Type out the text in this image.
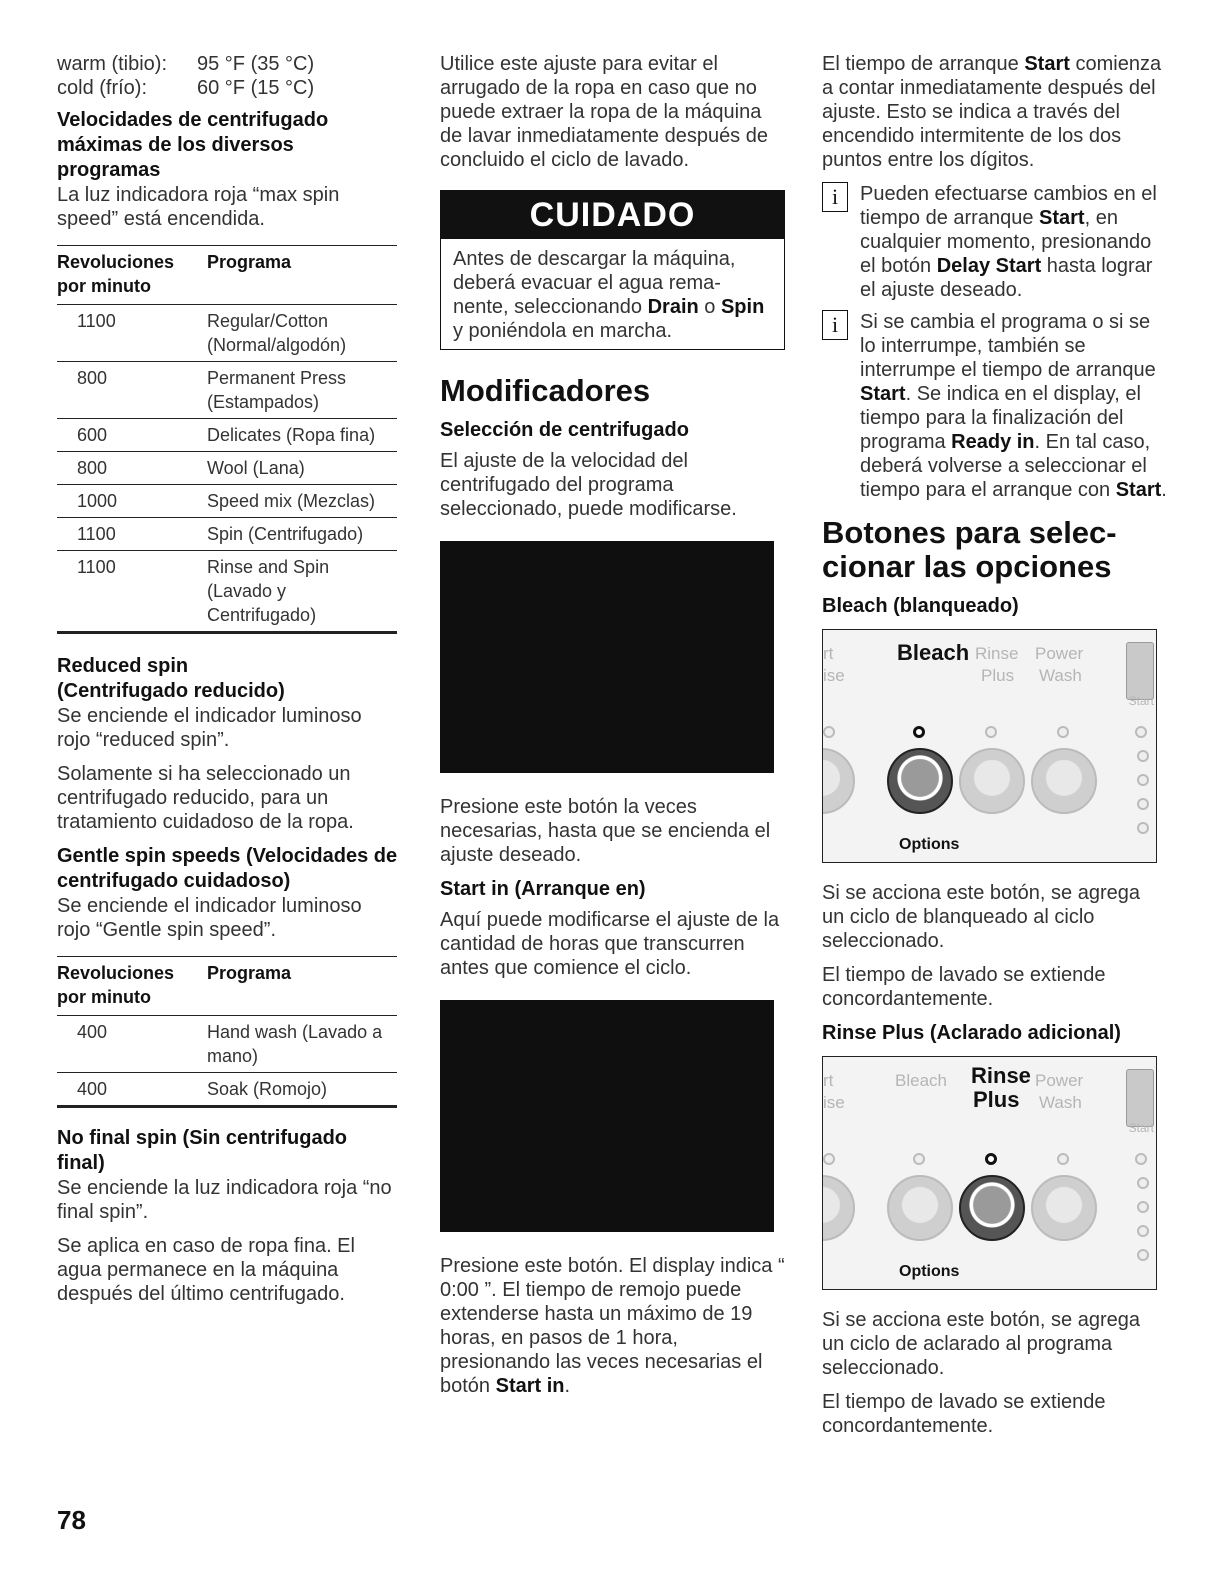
warm (tibio):	95 °F (35 °C)
cold (frío):	60 °F (15 °C)
Velocidades de centrifugado máximas de los diversos programas

La luz indicadora roja “max spin speed” está encendida.

Revoluciones por minuto	Programa
1100	Regular/Cotton (Normal/algodón)
800	Permanent Press (Estampados)
600	Delicates (Ropa fina)
800	Wool (Lana)
1000	Speed mix (Mezclas)
1100	Spin (Centrifugado)
1100	Rinse and Spin (Lavado y Centrifugado)
Reduced spin (Centrifugado reducido)

Se enciende el indicador luminoso rojo “reduced spin”.

Solamente si ha seleccionado un centrifugado reducido, para un tratamiento cuidadoso de la ropa.

Gentle spin speeds (Velocidades de centrifugado cuidadoso)

Se enciende el indicador luminoso rojo “Gentle spin speed”.

Revoluciones por minuto	Programa
400	Hand wash (Lavado a mano)
400	Soak (Romojo)
No final spin (Sin centrifugado final)

Se enciende la luz indicadora roja “no final spin”.

Se aplica en caso de ropa fina. El agua permanece en la máquina después del último centrifugado.

Utilice este ajuste para evitar el arrugado de la ropa en caso que no puede extraer la ropa de la máquina de lavar inmediatamente después de concluido el ciclo de lavado.

CUIDADO

Antes de descargar la máquina, deberá evacuar el agua rema- nente, seleccionando Drain o Spin y poniéndola en marcha.

Modificadores
Selección de centrifugado

El ajuste de la velocidad del centrifugado del programa seleccionado, puede modificarse.

Presione este botón la veces necesarias, hasta que se encienda el ajuste deseado.

Start in (Arranque en)

Aquí puede modificarse el ajuste de la cantidad de horas que transcurren antes que comience el ciclo.

Presione este botón. El display indica “ 0:00 ”. El tiempo de remojo puede extenderse hasta un máximo de 19 horas, en pasos de 1 hora, presionando las veces necesarias el botón Start in.

El tiempo de arranque Start comienza a contar inmediatamente después del ajuste. Esto se indica a través del encendido intermitente de los dos puntos entre los dígitos.

i	Pueden efectuarse cambios en el tiempo de arranque Start, en cualquier momento, presionando el botón Delay Start hasta lograr el ajuste deseado.

i	Si se cambia el programa o si se lo interrumpe, también se interrumpe el tiempo de arranque Start. Se indica en el display, el tiempo para la finalización del programa Ready in. En tal caso, deberá volverse a seleccionar el tiempo para el arranque con Start.

Botones para selec- cionar las opciones
Bleach (blanqueado)
rt
ise
Bleach Rinse
Plus
Power
Wash
Start
Options

Si se acciona este botón, se agrega un ciclo de blanqueado al ciclo seleccionado.

El tiempo de lavado se extiende concordantemente.

Rinse Plus (Aclarado adicional)
rt
ise
Bleach Rinse
Plus
Power
Wash
Start
Options

Si se acciona este botón, se agrega un ciclo de aclarado al programa seleccionado.

El tiempo de lavado se extiende concordantemente.

78
